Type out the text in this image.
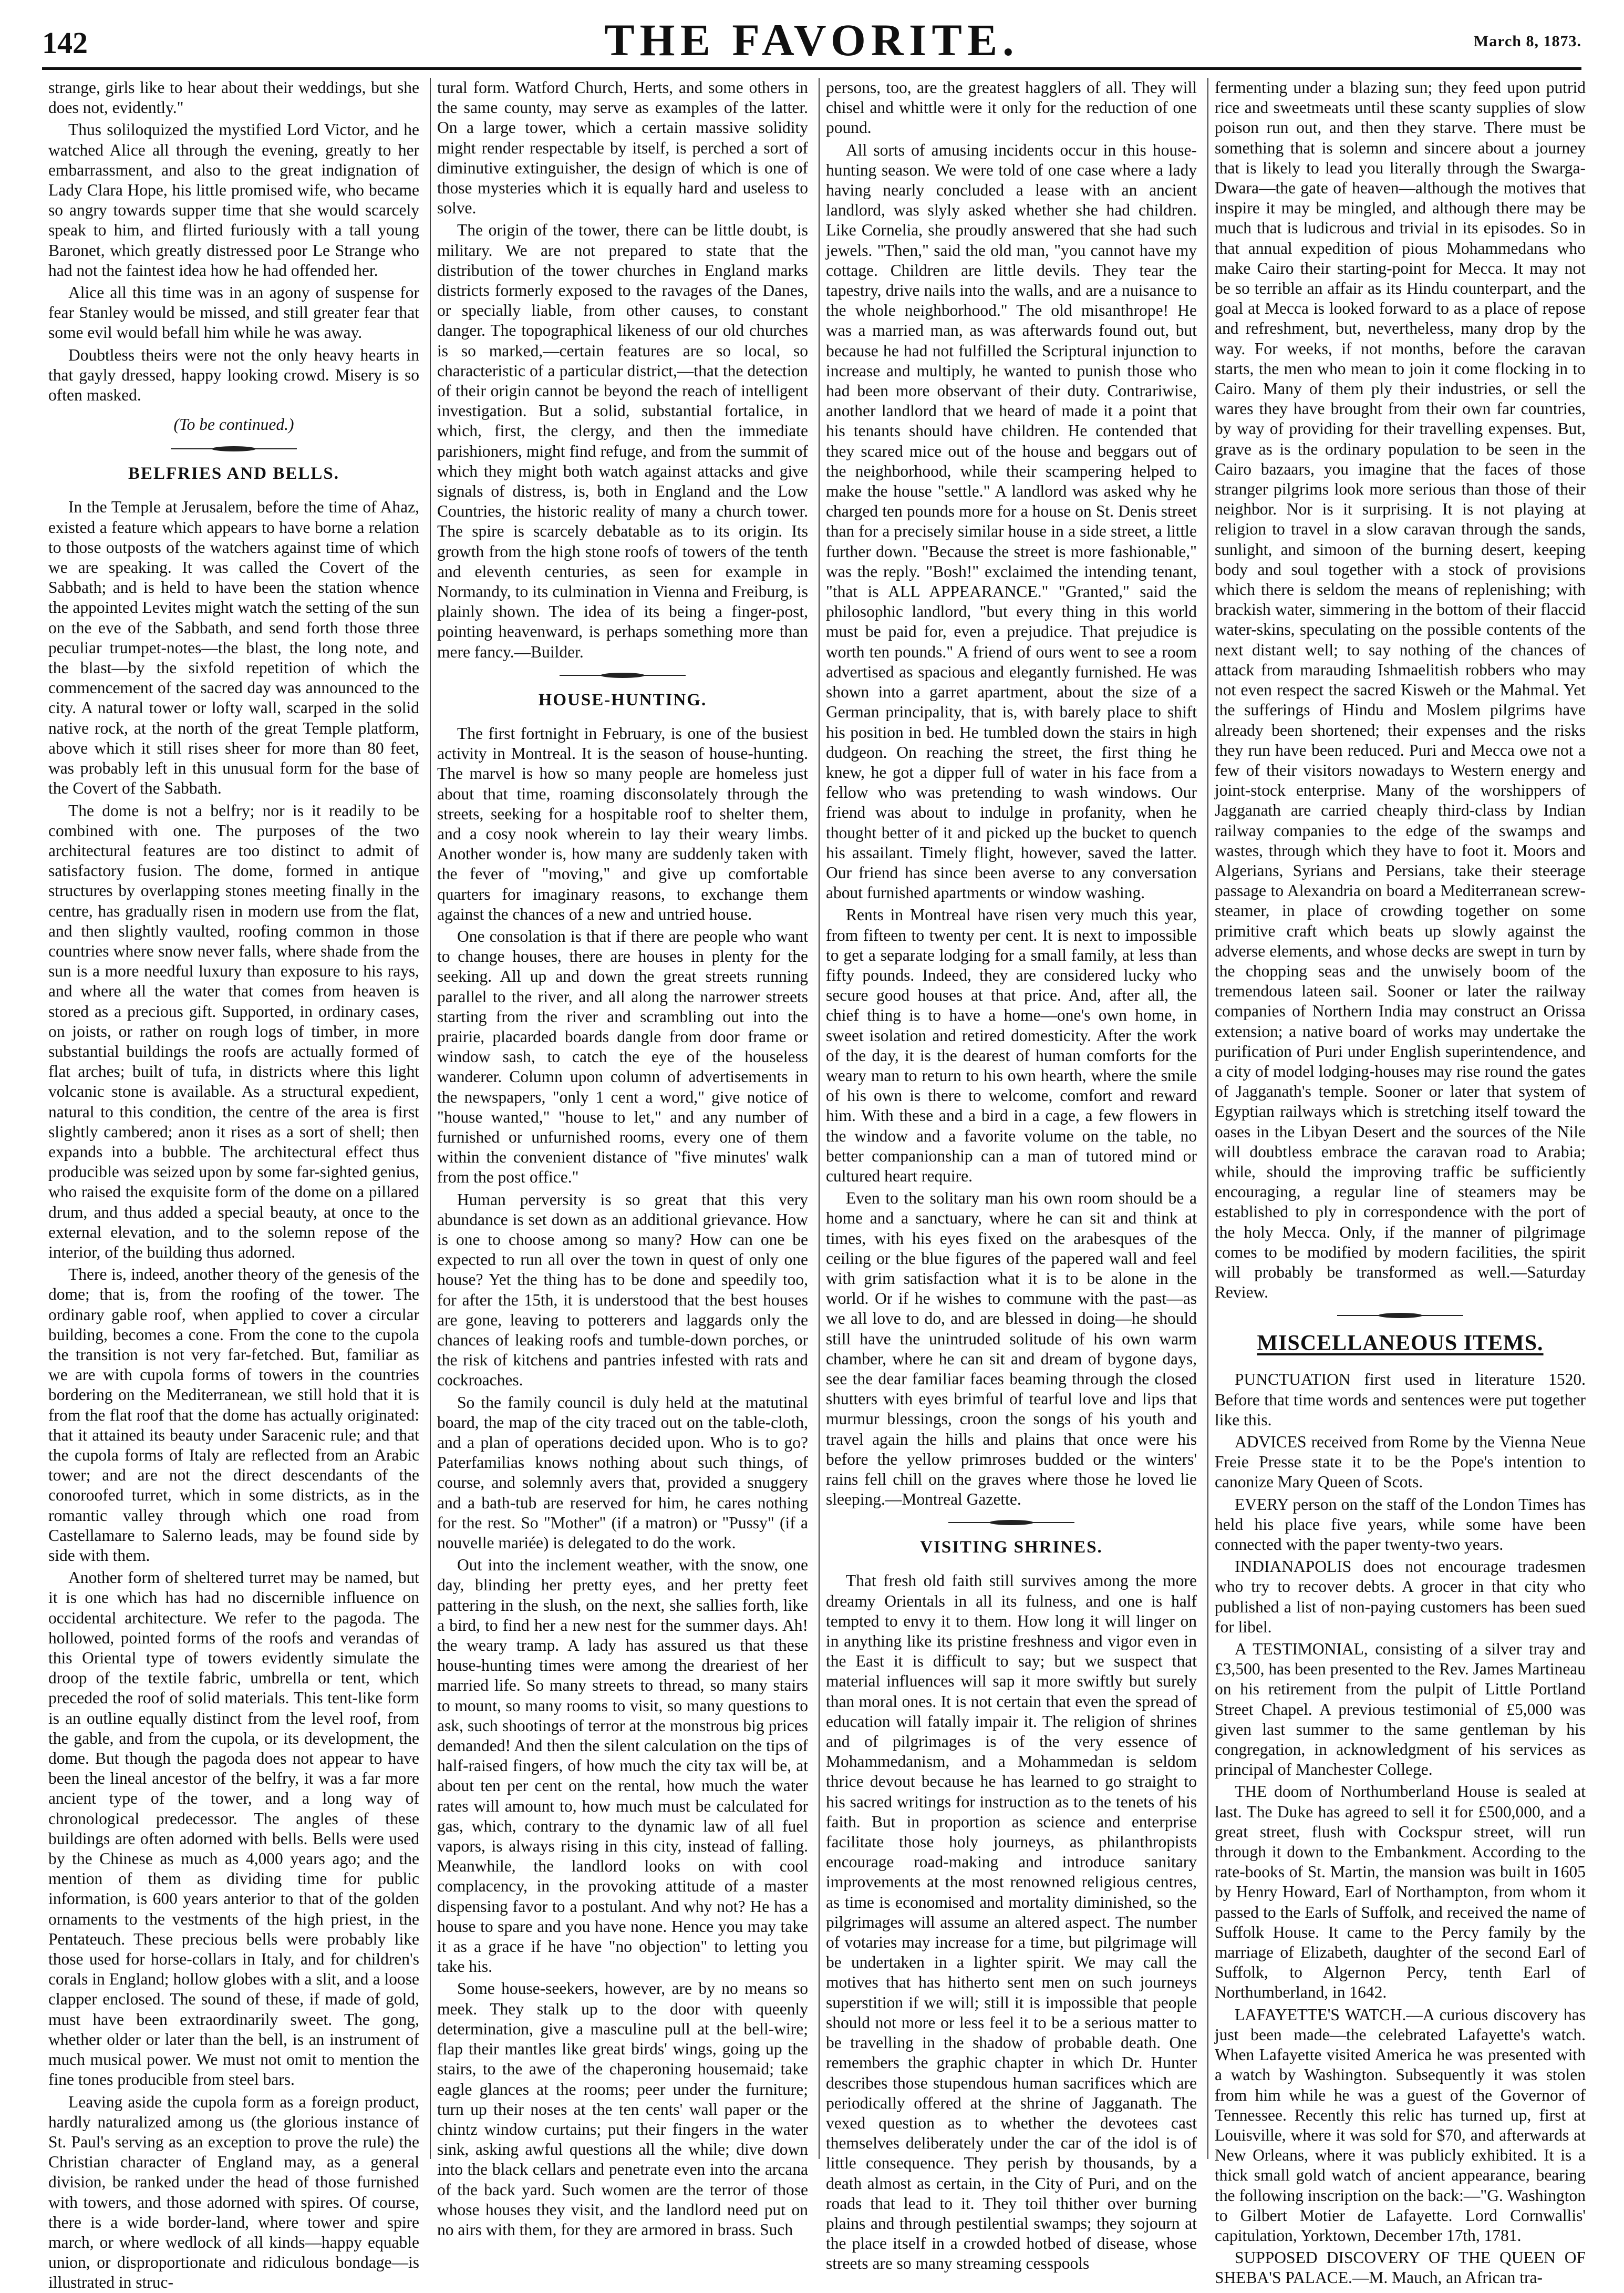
142	THE FAVORITE.	March 8, 1873.

strange, girls like to hear about their weddings, but she does not, evidently."

Thus soliloquized the mystified Lord Victor, and he watched Alice all through the evening, greatly to her embarrassment, and also to the great indignation of Lady Clara Hope, his little promised wife, who became so angry towards supper time that she would scarcely speak to him, and flirted furiously with a tall young Baronet, which greatly distressed poor Le Strange who had not the faintest idea how he had offended her.

Alice all this time was in an agony of suspense for fear Stanley would be missed, and still greater fear that some evil would befall him while he was away.

Doubtless theirs were not the only heavy hearts in that gayly dressed, happy looking crowd. Misery is so often masked.

(To be continued.)

BELFRIES AND BELLS.

In the Temple at Jerusalem, before the time of Ahaz, existed a feature which appears to have borne a relation to those outposts of the watchers against time of which we are speaking. It was called the Covert of the Sabbath; and is held to have been the station whence the appointed Levites might watch the setting of the sun on the eve of the Sabbath, and send forth those three peculiar trumpet-notes—the blast, the long note, and the blast—by the sixfold repetition of which the commencement of the sacred day was announced to the city. A natural tower or lofty wall, scarped in the solid native rock, at the north of the great Temple platform, above which it still rises sheer for more than 80 feet, was probably left in this unusual form for the base of the Covert of the Sabbath.

The dome is not a belfry; nor is it readily to be combined with one. The purposes of the two architectural features are too distinct to admit of satisfactory fusion. The dome, formed in antique structures by overlapping stones meeting finally in the centre, has gradually risen in modern use from the flat, and then slightly vaulted, roofing common in those countries where snow never falls, where shade from the sun is a more needful luxury than exposure to his rays, and where all the water that comes from heaven is stored as a precious gift. Supported, in ordinary cases, on joists, or rather on rough logs of timber, in more substantial buildings the roofs are actually formed of flat arches; built of tufa, in districts where this light volcanic stone is available. As a structural expedient, natural to this condition, the centre of the area is first slightly cambered; anon it rises as a sort of shell; then expands into a bubble. The architectural effect thus producible was seized upon by some far-sighted genius, who raised the exquisite form of the dome on a pillared drum, and thus added a special beauty, at once to the external elevation, and to the solemn repose of the interior, of the building thus adorned.

There is, indeed, another theory of the genesis of the dome; that is, from the roofing of the tower. The ordinary gable roof, when applied to cover a circular building, becomes a cone. From the cone to the cupola the transition is not very far-fetched. But, familiar as we are with cupola forms of towers in the countries bordering on the Mediterranean, we still hold that it is from the flat roof that the dome has actually originated: that it attained its beauty under Saracenic rule; and that the cupola forms of Italy are reflected from an Arabic tower; and are not the direct descendants of the conoroofed turret, which in some districts, as in the romantic valley through which one road from Castellamare to Salerno leads, may be found side by side with them.

Another form of sheltered turret may be named, but it is one which has had no discernible influence on occidental architecture. We refer to the pagoda. The hollowed, pointed forms of the roofs and verandas of this Oriental type of towers evidently simulate the droop of the textile fabric, umbrella or tent, which preceded the roof of solid materials. This tent-like form is an outline equally distinct from the level roof, from the gable, and from the cupola, or its development, the dome. But though the pagoda does not appear to have been the lineal ancestor of the belfry, it was a far more ancient type of the tower, and a long way of chronological predecessor. The angles of these buildings are often adorned with bells. Bells were used by the Chinese as much as 4,000 years ago; and the mention of them as dividing time for public information, is 600 years anterior to that of the golden ornaments to the vestments of the high priest, in the Pentateuch. These precious bells were probably like those used for horse-collars in Italy, and for children's corals in England; hollow globes with a slit, and a loose clapper enclosed. The sound of these, if made of gold, must have been extraordinarily sweet. The gong, whether older or later than the bell, is an instrument of much musical power. We must not omit to mention the fine tones producible from steel bars.

Leaving aside the cupola form as a foreign product, hardly naturalized among us (the glorious instance of St. Paul's serving as an exception to prove the rule) the Christian character of England may, as a general division, be ranked under the head of those furnished with towers, and those adorned with spires. Of course, there is a wide border-land, where tower and spire march, or where wedlock of all kinds—happy equable union, or disproportionate and ridiculous bondage—is illustrated in struc-

tural form. Watford Church, Herts, and some others in the same county, may serve as examples of the latter. On a large tower, which a certain massive solidity might render respectable by itself, is perched a sort of diminutive extinguisher, the design of which is one of those mysteries which it is equally hard and useless to solve.

The origin of the tower, there can be little doubt, is military. We are not prepared to state that the distribution of the tower churches in England marks districts formerly exposed to the ravages of the Danes, or specially liable, from other causes, to constant danger. The topographical likeness of our old churches is so marked,—certain features are so local, so characteristic of a particular district,—that the detection of their origin cannot be beyond the reach of intelligent investigation. But a solid, substantial fortalice, in which, first, the clergy, and then the immediate parishioners, might find refuge, and from the summit of which they might both watch against attacks and give signals of distress, is, both in England and the Low Countries, the historic reality of many a church tower. The spire is scarcely debatable as to its origin. Its growth from the high stone roofs of towers of the tenth and eleventh centuries, as seen for example in Normandy, to its culmination in Vienna and Freiburg, is plainly shown. The idea of its being a finger-post, pointing heavenward, is perhaps something more than mere fancy.—Builder.

HOUSE-HUNTING.

The first fortnight in February, is one of the busiest activity in Montreal. It is the season of house-hunting. The marvel is how so many people are homeless just about that time, roaming disconsolately through the streets, seeking for a hospitable roof to shelter them, and a cosy nook wherein to lay their weary limbs. Another wonder is, how many are suddenly taken with the fever of "moving," and give up comfortable quarters for imaginary reasons, to exchange them against the chances of a new and untried house.

One consolation is that if there are people who want to change houses, there are houses in plenty for the seeking. All up and down the great streets running parallel to the river, and all along the narrower streets starting from the river and scrambling out into the prairie, placarded boards dangle from door frame or window sash, to catch the eye of the houseless wanderer. Column upon column of advertisements in the newspapers, "only 1 cent a word," give notice of "house wanted," "house to let," and any number of furnished or unfurnished rooms, every one of them within the convenient distance of "five minutes' walk from the post office."

Human perversity is so great that this very abundance is set down as an additional grievance. How is one to choose among so many? How can one be expected to run all over the town in quest of only one house? Yet the thing has to be done and speedily too, for after the 15th, it is understood that the best houses are gone, leaving to potterers and laggards only the chances of leaking roofs and tumble-down porches, or the risk of kitchens and pantries infested with rats and cockroaches.

So the family council is duly held at the matutinal board, the map of the city traced out on the table-cloth, and a plan of operations decided upon. Who is to go? Paterfamilias knows nothing about such things, of course, and solemnly avers that, provided a snuggery and a bath-tub are reserved for him, he cares nothing for the rest. So "Mother" (if a matron) or "Pussy" (if a nouvelle mariée) is delegated to do the work.

Out into the inclement weather, with the snow, one day, blinding her pretty eyes, and her pretty feet pattering in the slush, on the next, she sallies forth, like a bird, to find her a new nest for the summer days. Ah! the weary tramp. A lady has assured us that these house-hunting times were among the dreariest of her married life. So many streets to thread, so many stairs to mount, so many rooms to visit, so many questions to ask, such shootings of terror at the monstrous big prices demanded! And then the silent calculation on the tips of half-raised fingers, of how much the city tax will be, at about ten per cent on the rental, how much the water rates will amount to, how much must be calculated for gas, which, contrary to the dynamic law of all fuel vapors, is always rising in this city, instead of falling. Meanwhile, the landlord looks on with cool complacency, in the provoking attitude of a master dispensing favor to a postulant. And why not? He has a house to spare and you have none. Hence you may take it as a grace if he have "no objection" to letting you take his.

Some house-seekers, however, are by no means so meek. They stalk up to the door with queenly determination, give a masculine pull at the bell-wire; flap their mantles like great birds' wings, going up the stairs, to the awe of the chaperoning housemaid; take eagle glances at the rooms; peer under the furniture; turn up their noses at the ten cents' wall paper or the chintz window curtains; put their fingers in the water sink, asking awful questions all the while; dive down into the black cellars and penetrate even into the arcana of the back yard. Such women are the terror of those whose houses they visit, and the landlord need put on no airs with them, for they are armored in brass. Such

persons, too, are the greatest hagglers of all. They will chisel and whittle were it only for the reduction of one pound.

All sorts of amusing incidents occur in this house-hunting season. We were told of one case where a lady having nearly concluded a lease with an ancient landlord, was slyly asked whether she had children. Like Cornelia, she proudly answered that she had such jewels. "Then," said the old man, "you cannot have my cottage. Children are little devils. They tear the tapestry, drive nails into the walls, and are a nuisance to the whole neighborhood." The old misanthrope! He was a married man, as was afterwards found out, but because he had not fulfilled the Scriptural injunction to increase and multiply, he wanted to punish those who had been more observant of their duty. Contrariwise, another landlord that we heard of made it a point that his tenants should have children. He contended that they scared mice out of the house and beggars out of the neighborhood, while their scampering helped to make the house "settle." A landlord was asked why he charged ten pounds more for a house on St. Denis street than for a precisely similar house in a side street, a little further down. "Because the street is more fashionable," was the reply. "Bosh!" exclaimed the intending tenant, "that is ALL APPEARANCE." "Granted," said the philosophic landlord, "but every thing in this world must be paid for, even a prejudice. That prejudice is worth ten pounds." A friend of ours went to see a room advertised as spacious and elegantly furnished. He was shown into a garret apartment, about the size of a German principality, that is, with barely place to shift his position in bed. He tumbled down the stairs in high dudgeon. On reaching the street, the first thing he knew, he got a dipper full of water in his face from a fellow who was pretending to wash windows. Our friend was about to indulge in profanity, when he thought better of it and picked up the bucket to quench his assailant. Timely flight, however, saved the latter. Our friend has since been averse to any conversation about furnished apartments or window washing.

Rents in Montreal have risen very much this year, from fifteen to twenty per cent. It is next to impossible to get a separate lodging for a small family, at less than fifty pounds. Indeed, they are considered lucky who secure good houses at that price. And, after all, the chief thing is to have a home—one's own home, in sweet isolation and retired domesticity. After the work of the day, it is the dearest of human comforts for the weary man to return to his own hearth, where the smile of his own is there to welcome, comfort and reward him. With these and a bird in a cage, a few flowers in the window and a favorite volume on the table, no better companionship can a man of tutored mind or cultured heart require.

Even to the solitary man his own room should be a home and a sanctuary, where he can sit and think at times, with his eyes fixed on the arabesques of the ceiling or the blue figures of the papered wall and feel with grim satisfaction what it is to be alone in the world. Or if he wishes to commune with the past—as we all love to do, and are blessed in doing—he should still have the unintruded solitude of his own warm chamber, where he can sit and dream of bygone days, see the dear familiar faces beaming through the closed shutters with eyes brimful of tearful love and lips that murmur blessings, croon the songs of his youth and travel again the hills and plains that once were his before the yellow primroses budded or the winters' rains fell chill on the graves where those he loved lie sleeping.—Montreal Gazette.

VISITING SHRINES.

That fresh old faith still survives among the more dreamy Orientals in all its fulness, and one is half tempted to envy it to them. How long it will linger on in anything like its pristine freshness and vigor even in the East it is difficult to say; but we suspect that material influences will sap it more swiftly but surely than moral ones. It is not certain that even the spread of education will fatally impair it. The religion of shrines and of pilgrimages is of the very essence of Mohammedanism, and a Mohammedan is seldom thrice devout because he has learned to go straight to his sacred writings for instruction as to the tenets of his faith. But in proportion as science and enterprise facilitate those holy journeys, as philanthropists encourage road-making and introduce sanitary improvements at the most renowned religious centres, as time is economised and mortality diminished, so the pilgrimages will assume an altered aspect. The number of votaries may increase for a time, but pilgrimage will be undertaken in a lighter spirit. We may call the motives that has hitherto sent men on such journeys superstition if we will; still it is impossible that people should not more or less feel it to be a serious matter to be travelling in the shadow of probable death. One remembers the graphic chapter in which Dr. Hunter describes those stupendous human sacrifices which are periodically offered at the shrine of Jagganath. The vexed question as to whether the devotees cast themselves deliberately under the car of the idol is of little consequence. They perish by thousands, by a death almost as certain, in the City of Puri, and on the roads that lead to it. They toil thither over burning plains and through pestilential swamps; they sojourn at the place itself in a crowded hotbed of disease, whose streets are so many streaming cesspools

fermenting under a blazing sun; they feed upon putrid rice and sweetmeats until these scanty supplies of slow poison run out, and then they starve. There must be something that is solemn and sincere about a journey that is likely to lead you literally through the Swarga-Dwara—the gate of heaven—although the motives that inspire it may be mingled, and although there may be much that is ludicrous and trivial in its episodes. So in that annual expedition of pious Mohammedans who make Cairo their starting-point for Mecca. It may not be so terrible an affair as its Hindu counterpart, and the goal at Mecca is looked forward to as a place of repose and refreshment, but, nevertheless, many drop by the way. For weeks, if not months, before the caravan starts, the men who mean to join it come flocking in to Cairo. Many of them ply their industries, or sell the wares they have brought from their own far countries, by way of providing for their travelling expenses. But, grave as is the ordinary population to be seen in the Cairo bazaars, you imagine that the faces of those stranger pilgrims look more serious than those of their neighbor. Nor is it surprising. It is not playing at religion to travel in a slow caravan through the sands, sunlight, and simoon of the burning desert, keeping body and soul together with a stock of provisions which there is seldom the means of replenishing; with brackish water, simmering in the bottom of their flaccid water-skins, speculating on the possible contents of the next distant well; to say nothing of the chances of attack from marauding Ishmaelitish robbers who may not even respect the sacred Kisweh or the Mahmal. Yet the sufferings of Hindu and Moslem pilgrims have already been shortened; their expenses and the risks they run have been reduced. Puri and Mecca owe not a few of their visitors nowadays to Western energy and joint-stock enterprise. Many of the worshippers of Jagganath are carried cheaply third-class by Indian railway companies to the edge of the swamps and wastes, through which they have to foot it. Moors and Algerians, Syrians and Persians, take their steerage passage to Alexandria on board a Mediterranean screw-steamer, in place of crowding together on some primitive craft which beats up slowly against the adverse elements, and whose decks are swept in turn by the chopping seas and the unwisely boom of the tremendous lateen sail. Sooner or later the railway companies of Northern India may construct an Orissa extension; a native board of works may undertake the purification of Puri under English superintendence, and a city of model lodging-houses may rise round the gates of Jagganath's temple. Sooner or later that system of Egyptian railways which is stretching itself toward the oases in the Libyan Desert and the sources of the Nile will doubtless embrace the caravan road to Arabia; while, should the improving traffic be sufficiently encouraging, a regular line of steamers may be established to ply in correspondence with the port of the holy Mecca. Only, if the manner of pilgrimage comes to be modified by modern facilities, the spirit will probably be transformed as well.—Saturday Review.

MISCELLANEOUS ITEMS.

PUNCTUATION first used in literature 1520. Before that time words and sentences were put together like this.

ADVICES received from Rome by the Vienna Neue Freie Presse state it to be the Pope's intention to canonize Mary Queen of Scots.

EVERY person on the staff of the London Times has held his place five years, while some have been connected with the paper twenty-two years.

INDIANAPOLIS does not encourage tradesmen who try to recover debts. A grocer in that city who published a list of non-paying customers has been sued for libel.

A TESTIMONIAL, consisting of a silver tray and £3,500, has been presented to the Rev. James Martineau on his retirement from the pulpit of Little Portland Street Chapel. A previous testimonial of £5,000 was given last summer to the same gentleman by his congregation, in acknowledgment of his services as principal of Manchester College.

THE doom of Northumberland House is sealed at last. The Duke has agreed to sell it for £500,000, and a great street, flush with Cockspur street, will run through it down to the Embankment. According to the rate-books of St. Martin, the mansion was built in 1605 by Henry Howard, Earl of Northampton, from whom it passed to the Earls of Suffolk, and received the name of Suffolk House. It came to the Percy family by the marriage of Elizabeth, daughter of the second Earl of Suffolk, to Algernon Percy, tenth Earl of Northumberland, in 1642.

LAFAYETTE'S WATCH.—A curious discovery has just been made—the celebrated Lafayette's watch. When Lafayette visited America he was presented with a watch by Washington. Subsequently it was stolen from him while he was a guest of the Governor of Tennessee. Recently this relic has turned up, first at Louisville, where it was sold for $70, and afterwards at New Orleans, where it was publicly exhibited. It is a thick small gold watch of ancient appearance, bearing the following inscription on the back:—"G. Washington to Gilbert Motier de Lafayette. Lord Cornwallis' capitulation, Yorktown, December 17th, 1781.

SUPPOSED DISCOVERY OF THE QUEEN OF SHEBA'S PALACE.—M. Mauch, an African tra-
